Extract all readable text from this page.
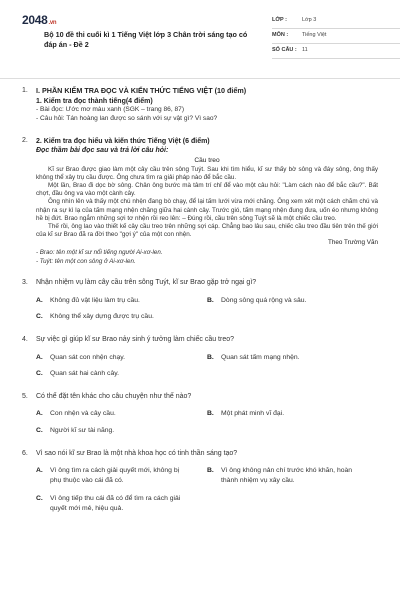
2048.vn
Bộ 10 đề thi cuối kì 1 Tiếng Việt lớp 3 Chân trời sáng tạo có đáp án - Đề 2
LỚP :	Lớp 3
MÔN :	Tiếng Việt
SỐ CÂU : 11
1.	I. PHẦN KIỂM TRA ĐỌC VÀ KIẾN THỨC TIẾNG VIỆT (10 điểm)
1. Kiểm tra đọc thành tiếng(4 điểm)
- Bài đọc: Ước mơ màu xanh (SGK – trang 86, 87)
- Câu hỏi: Tán hoàng lan được so sánh với sự vật gì? Vì sao?
2.	2. Kiểm tra đọc hiểu và kiến thức Tiếng Việt (6 điểm)
Đọc thầm bài đọc sau và trả lời câu hỏi:
Cầu treo
Kĩ sư Brao được giao làm một cây cầu trên sông Tuýt. Sau khi tìm hiểu, kĩ sư thấy bờ sông và đáy sông, ông thấy không thể xây trụ cầu được. Ông chưa tìm ra giải pháp nào để bắc cầu.
Một lần, Brao đi dọc bờ sông. Chân ông bước mà tâm trí chỉ để vào một câu hỏi: "Làm cách nào để bắc cầu?". Bất chợt, đầu ông va vào một cành cây.
Ông nhìn lên và thấy một chú nhện đang bò chạy, để lại tấm lưới vừa mới chăng. Ông xem xét một cách chăm chú và nhận ra sự kì lạ của tấm mạng nhện chăng giữa hai cành cây. Trước gió, tấm mạng nhện đung đưa, uốn éo nhưng không hề bị đứt. Brao ngắm những sợi tơ nhện rồi reo lên: – Đúng rồi, cầu trên sông Tuýt sẽ là một chiếc cầu treo.
Thế rồi, ông lao vào thiết kế cây cầu treo trên những sợi cáp. Chẳng bao lâu sau, chiếc cầu treo đầu tiên trên thế giới của kĩ sư Brao đã ra đời theo "gợi ý" của một con nhện.
Theo Trường Văn
- Brao: tên một kĩ sư nổi tiếng người Ai-xơ-len.
- Tuýt: tên một con sông ở Ai-xơ-len.
3.	Nhận nhiệm vụ làm cây cầu trên sông Tuýt, kĩ sư Brao gặp trở ngại gì?
A.	Không đủ vật liệu làm trụ cầu.	B.	Dòng sông quá rộng và sâu.
C.	Không thể xây dựng được trụ cầu.
4.	Sự việc gì giúp kĩ sư Brao nảy sinh ý tưởng làm chiếc cầu treo?
A.	Quan sát con nhện chạy.	B.	Quan sát tấm mạng nhện.
C.	Quan sát hai cành cây.
5.	Có thể đặt tên khác cho câu chuyện như thế nào?
A.	Con nhện và cây cầu.	B.	Một phát minh vĩ đại.
C.	Người kĩ sư tài năng.
6.	Vì sao nói kĩ sư Brao là một nhà khoa học có tinh thần sáng tạo?
A.	Vì ông tìm ra cách giải quyết mới, không bị phụ thuộc vào cái đã có.
B.	Vì ông không nản chí trước khó khăn, hoàn thành nhiệm vụ xây cầu.
C.	Vì ông tiếp thu cái đã có để tìm ra cách giải quyết mới mẻ, hiệu quả.
